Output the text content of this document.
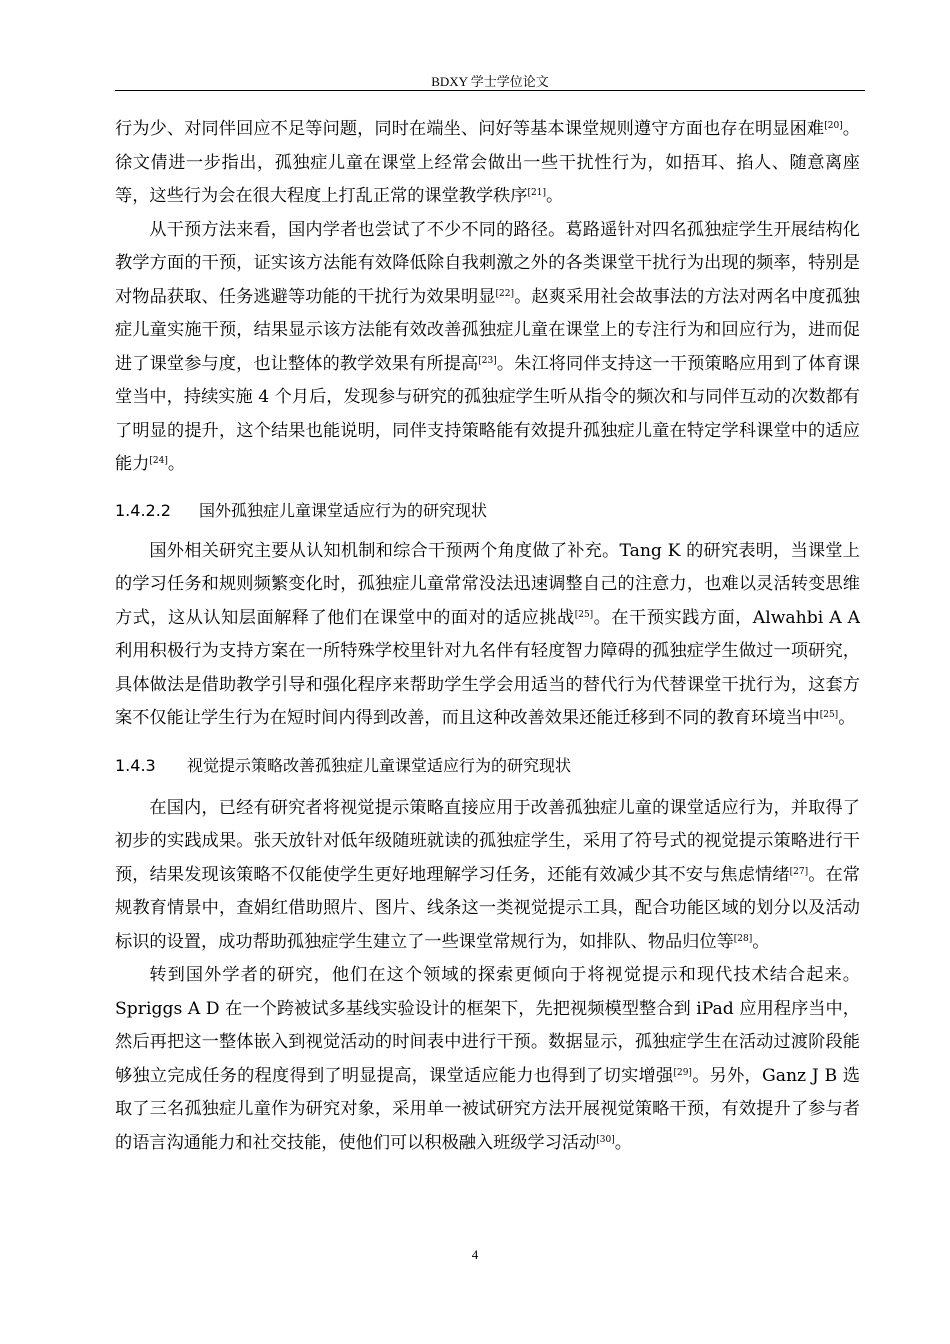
BDXY 学士学位论文

行为少、对同伴回应不足等问题，同时在端坐、问好等基本课堂规则遵守方面也存在明显困难[20]。徐文倩进一步指出，孤独症儿童在课堂上经常会做出一些干扰性行为，如捂耳、掐人、随意离座等，这些行为会在很大程度上打乱正常的课堂教学秩序[21]。

从干预方法来看，国内学者也尝试了不少不同的路径。葛路遥针对四名孤独症学生开展结构化教学方面的干预，证实该方法能有效降低除自我刺激之外的各类课堂干扰行为出现的频率，特别是对物品获取、任务逃避等功能的干扰行为效果明显[22]。赵爽采用社会故事法的方法对两名中度孤独症儿童实施干预，结果显示该方法能有效改善孤独症儿童在课堂上的专注行为和回应行为，进而促进了课堂参与度，也让整体的教学效果有所提高[23]。朱江将同伴支持这一干预策略应用到了体育课堂当中，持续实施 4 个月后，发现参与研究的孤独症学生听从指令的频次和与同伴互动的次数都有了明显的提升，这个结果也能说明，同伴支持策略能有效提升孤独症儿童在特定学科课堂中的适应能力[24]。

1.4.2.2 国外孤独症儿童课堂适应行为的研究现状

国外相关研究主要从认知机制和综合干预两个角度做了补充。Tang K 的研究表明，当课堂上的学习任务和规则频繁变化时，孤独症儿童常常没法迅速调整自己的注意力，也难以灵活转变思维方式，这从认知层面解释了他们在课堂中的面对的适应挑战[25]。在干预实践方面，Alwahbi A A 利用积极行为支持方案在一所特殊学校里针对九名伴有轻度智力障碍的孤独症学生做过一项研究，具体做法是借助教学引导和强化程序来帮助学生学会用适当的替代行为代替课堂干扰行为，这套方案不仅能让学生行为在短时间内得到改善，而且这种改善效果还能迁移到不同的教育环境当中[25]。

1.4.3 视觉提示策略改善孤独症儿童课堂适应行为的研究现状

在国内，已经有研究者将视觉提示策略直接应用于改善孤独症儿童的课堂适应行为，并取得了初步的实践成果。张天放针对低年级随班就读的孤独症学生，采用了符号式的视觉提示策略进行干预，结果发现该策略不仅能使学生更好地理解学习任务，还能有效减少其不安与焦虑情绪[27]。在常规教育情景中，查娟红借助照片、图片、线条这一类视觉提示工具，配合功能区域的划分以及活动标识的设置，成功帮助孤独症学生建立了一些课堂常规行为，如排队、物品归位等[28]。

转到国外学者的研究，他们在这个领域的探索更倾向于将视觉提示和现代技术结合起来。Spriggs A D 在一个跨被试多基线实验设计的框架下，先把视频模型整合到 iPad 应用程序当中，然后再把这一整体嵌入到视觉活动的时间表中进行干预。数据显示，孤独症学生在活动过渡阶段能够独立完成任务的程度得到了明显提高，课堂适应能力也得到了切实增强[29]。另外，Ganz J B 选取了三名孤独症儿童作为研究对象，采用单一被试研究方法开展视觉策略干预，有效提升了参与者的语言沟通能力和社交技能，使他们可以积极融入班级学习活动[30]。

4
